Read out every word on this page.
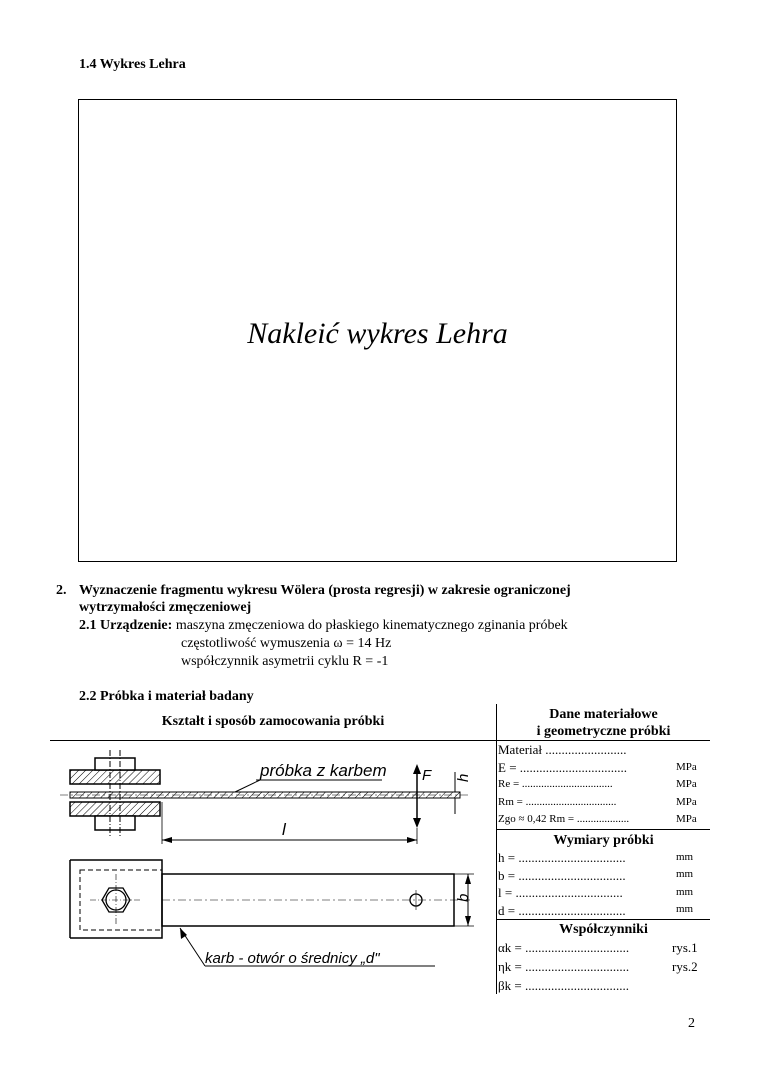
1.4 Wykres Lehra
Nakleić wykres Lehra
2. Wyznaczenie fragmentu wykresu Wölera (prosta regresji) w zakresie ograniczonej
wytrzymałości zmęczeniowej
2.1 Urządzenie: maszyna zmęczeniowa do płaskiego kinematycznego zginania próbek
częstotliwość wymuszenia ω = 14 Hz
współczynnik asymetrii cyklu R = -1
2.2 Próbka i materiał badany
Kształt i sposób zamocowania próbki	Dane materiałowe
i geometryczne próbki
Materiał .........................
E = .................................	MPa
Re = .................................	MPa
Rm = .................................	MPa
Zgo ≈ 0,42 Rm = ...................	MPa
Wymiary próbki
h = .................................	mm
b = .................................	mm
l = .................................	mm
d = .................................	mm
Współczynniki
αk = ................................	rys.1
ηk = ................................	rys.2
βk = ................................
próbka z karbem F h
l
b
karb - otwór o średnicy „d"
2
